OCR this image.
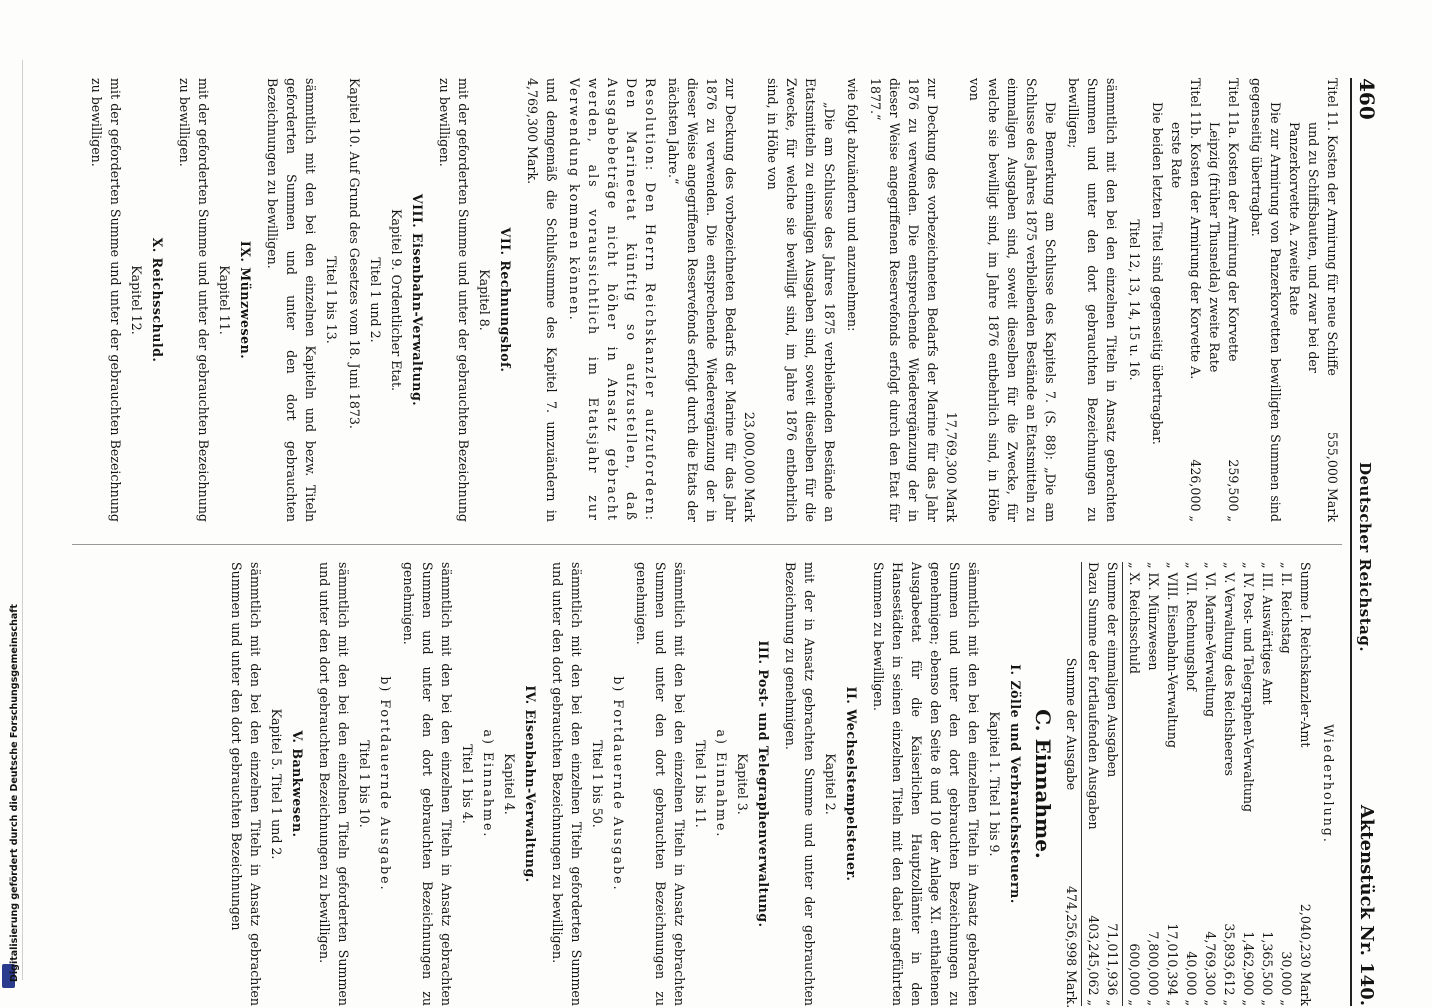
Digitalisierung gefördert durch die Deutsche Forschungsgemeinschaft
460
Deutscher Reichstag.
Aktenstück Nr. 140.
Titel 11. Kosten der Armirung für neue Schiffe und zu Schiffsbauten, und zwar bei der Panzerkorvette A. zweite Rate
555,000 Mark

Die zur Armirung von Panzerkorvetten bewilligten Summen sind gegenseitig übertragbar.

Titel 11a. Kosten der Armirung der Korvette Leipzig (früher Thusnelda) zweite Rate
259,500 „
Titel 11b. Kosten der Armirung der Korvette A. erste Rate
426,000 „

Die beiden letzten Titel sind gegenseitig übertragbar.

Titel 12, 13, 14, 15 u. 16.

sämmtlich mit den bei den einzelnen Titeln in Ansatz gebrachten Summen und unter den dort gebrauchten Bezeichnungen zu bewilligen;

Die Bemerkung am Schlusse des Kapitels 7. (S. 88): „Die am Schlusse des Jahres 1875 verbleibenden Bestände an Etatsmitteln zu einmaligen Ausgaben sind, soweit dieselben für die Zwecke, für welche sie bewilligt sind, im Jahre 1876 entbehrlich sind, in Höhe von

17,769,300 Mark

zur Deckung des vorbezeichneten Bedarfs der Marine für das Jahr 1876 zu verwenden. Die entsprechende Wiederergänzung der in dieser Weise angegriffenen Reservefonds erfolgt durch den Etat für 1877.“

wie folgt abzuändern und anzunehmen:

„Die am Schlusse des Jahres 1875 verbleibenden Bestände an Etatsmitteln zu einmaligen Ausgaben sind, soweit dieselben für die Zwecke, für welche sie bewilligt sind, im Jahre 1876 entbehrlich sind, in Höhe von

23,000,000 Mark

zur Deckung des vorbezeichneten Bedarfs der Marine für das Jahr 1876 zu verwenden. Die entsprechende Wiederergänzung der in dieser Weise angegriffenen Reservefonds erfolgt durch die Etats der nächsten Jahre.“

Resolution: Den Herrn Reichskanzler aufzufordern: Den Marineetat künftig so aufzustellen, daß Ausgabebeträge nicht höher in Ansatz gebracht werden, als voraussichtlich im Etatsjahr zur Verwendung kommen können.

und demgemäß die Schlußsumme des Kapitel 7. umzuändern in 4,769,300 Mark.

VII. Rechnungshof.

Kapitel 8.

mit der geforderten Summe und unter der gebrauchten Bezeichnung zu bewilligen.

VIII. Eisenbahn-Verwaltung.

Kapitel 9. Ordentlicher Etat.

Titel 1 und 2.

Kapitel 10. Auf Grund des Gesetzes vom 18. Juni 1873.

Titel 1 bis 13.

sämmtlich mit den bei den einzelnen Kapiteln und bezw. Titeln geforderten Summen und unter den dort gebrauchten Bezeichnungen zu bewilligen.

IX. Münzwesen.

Kapitel 11.

mit der geforderten Summe und unter der gebrauchten Bezeichnung zu bewilligen.

X. Reichsschuld.

Kapitel 12.

mit der geforderten Summe und unter der gebrauchten Bezeichnung zu bewilligen.

Wiederholung.

Summe I. Reichskanzler-Amt
2,040,230 Mark
„ II. Reichstag
30,000 „
„ III. Auswärtiges Amt
1,365,500 „
„ IV. Post- und Telegraphen-Verwaltung
1,462,900 „
„ V. Verwaltung des Reichsheeres
35,893,612 „
„ VI. Marine-Verwaltung
4,769,300 „
„ VII. Rechnungshof
40,000 „
„ VIII. Eisenbahn-Verwaltung
17,010,394 „
„ IX. Münzwesen
7,800,000 „
„ X. Reichsschuld
600,000 „
Summe der einmaligen Ausgaben
71,011,936 „
Dazu Summe der fortlaufenden Ausgaben
403,245,062 „
Summe der Ausgabe
474,256,998 Mark.

C. Einnahme.

I. Zölle und Verbrauchssteuern.

Kapitel 1. Titel 1 bis 9.

sämmtlich mit den bei den einzelnen Titeln in Ansatz gebrachten Summen und unter den dort gebrauchten Bezeichnungen zu genehmigen; ebenso den Seite 8 und 10 der Anlage XI. enthaltenen Ausgabeetat für die Kaiserlichen Hauptzollämter in den Hansestädten in seinen einzelnen Titeln mit den dabei angeführten Summen zu bewilligen.

II. Wechselstempelsteuer.

Kapitel 2.

mit der in Ansatz gebrachten Summe und unter der gebrauchten Bezeichnung zu genehmigen.

III. Post- und Telegraphenverwaltung.

Kapitel 3.

a) Einnahme.

Titel 1 bis 11.

sämmtlich mit den bei den einzelnen Titeln in Ansatz gebrachten Summen und unter den dort gebrauchten Bezeichnungen zu genehmigen.

b) Fortdauernde Ausgabe.

Titel 1 bis 50.

sämmtlich mit den bei den einzelnen Titeln geforderten Summen und unter den dort gebrauchten Bezeichnungen zu bewilligen.

IV. Eisenbahn-Verwaltung.

Kapitel 4.

a) Einnahme.

Titel 1 bis 4.

sämmtlich mit den bei den einzelnen Titeln in Ansatz gebrachten Summen und unter den dort gebrauchten Bezeichnungen zu genehmigen.

b) Fortdauernde Ausgabe.

Titel 1 bis 10.

sämmtlich mit den bei den einzelnen Titeln geforderten Summen und unter den dort gebrauchten Bezeichnungen zu bewilligen.

V. Bankwesen.

Kapitel 5. Titel 1 und 2.

sämmtlich mit den bei den einzelnen Titeln in Ansatz gebrachten Summen und unter den dort gebrauchten Bezeichnungen
